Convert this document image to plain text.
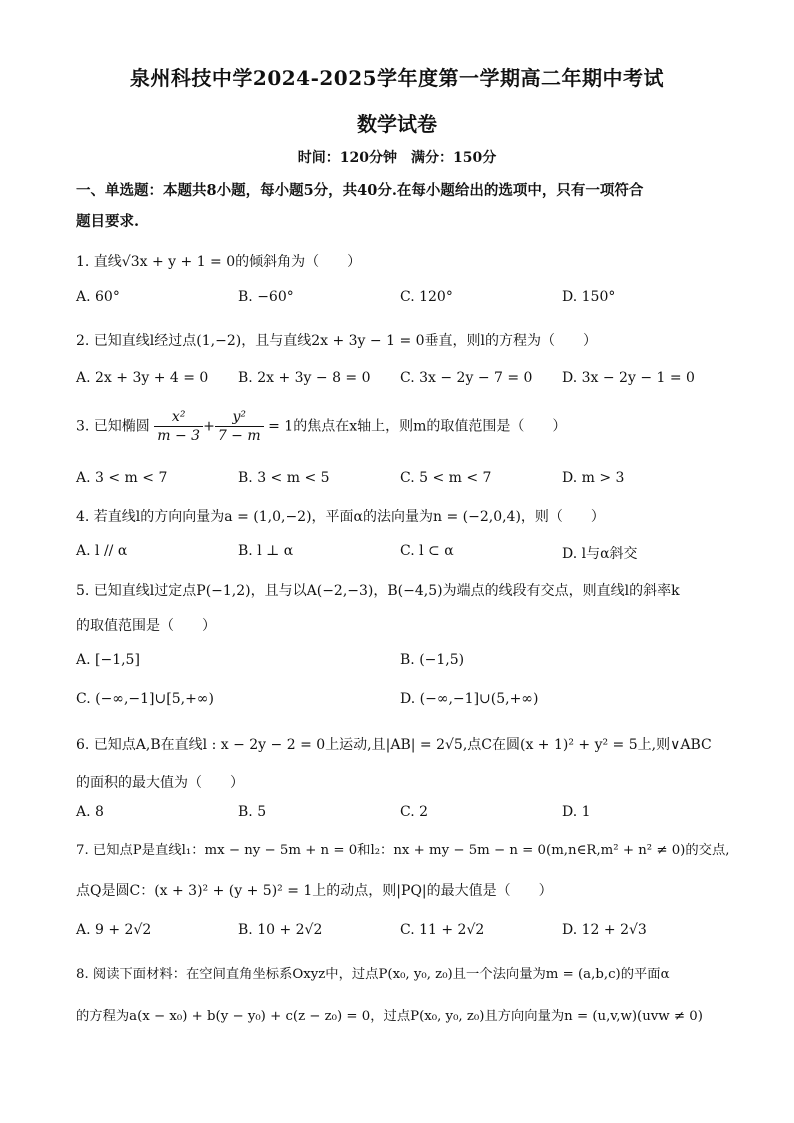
泉州科技中学2024-2025学年度第一学期高二年期中考试
数学试卷
时间：120分钟　满分：150分
一、单选题：本题共8小题，每小题5分，共40分.在每小题给出的选项中，只有一项符合
题目要求.
1. 直线√3x + y + 1 = 0的倾斜角为（　　）
A. 60°	B. −60°	C. 120°	D. 150°
2. 已知直线l经过点(1,−2)，且与直线2x + 3y − 1 = 0垂直，则l的方程为（　　）
A. 2x + 3y + 4 = 0 B. 2x + 3y − 8 = 0 C. 3x − 2y − 7 = 0 D. 3x − 2y − 1 = 0
3. 已知椭圆 $\frac{\text{x²}}{m - 3} + \frac{\text{y²}}{7 - m} = 1$的焦点在x轴上，则m的取值范围是（　　）
A. 3 < m < 7	B. 3 < m < 5	C. 5 < m < 7	D. m > 3
4. 若直线l的方向向量为a = (1,0,−2)，平面α的法向量为n = (−2,0,4)，则（　　）
A. l // α	B. l ⊥ α	C. l ⊂ α	D. l与α斜交
5. 已知直线l过定点P(−1,2)，且与以A(−2,−3)，B(−4,5)为端点的线段有交点，则直线l的斜率k
的取值范围是（　　）
A. [−1,5]	B. (−1,5)
C. (−∞,−1]∪[5,+∞)	D. (−∞,−1]∪(5,+∞)
6. 已知点A,B在直线l : x − 2y − 2 = 0上运动,且|AB| = 2√5,点C在圆(x + 1)² + y² = 5上,则∨ABC
的面积的最大值为（　　）
A. 8	B. 5	C. 2	D. 1
7. 已知点P是直线l₁：mx − ny − 5m + n = 0和l₂：nx + my − 5m − n = 0(m,n∈R,m² + n² ≠ 0)的交点,
点Q是圆C：(x + 3)² + (y + 5)² = 1上的动点，则|PQ|的最大值是（　　）
A. 9 + 2√2	B. 10 + 2√2	C. 11 + 2√2	D. 12 + 2√3
8. 阅读下面材料：在空间直角坐标系Oxyz中，过点P(x₀, y₀, z₀)且一个法向量为m = (a,b,c)的平面α
的方程为a(x − x₀) + b(y − y₀) + c(z − z₀) = 0，过点P(x₀, y₀, z₀)且方向向量为n = (u,v,w)(uvw ≠ 0)
